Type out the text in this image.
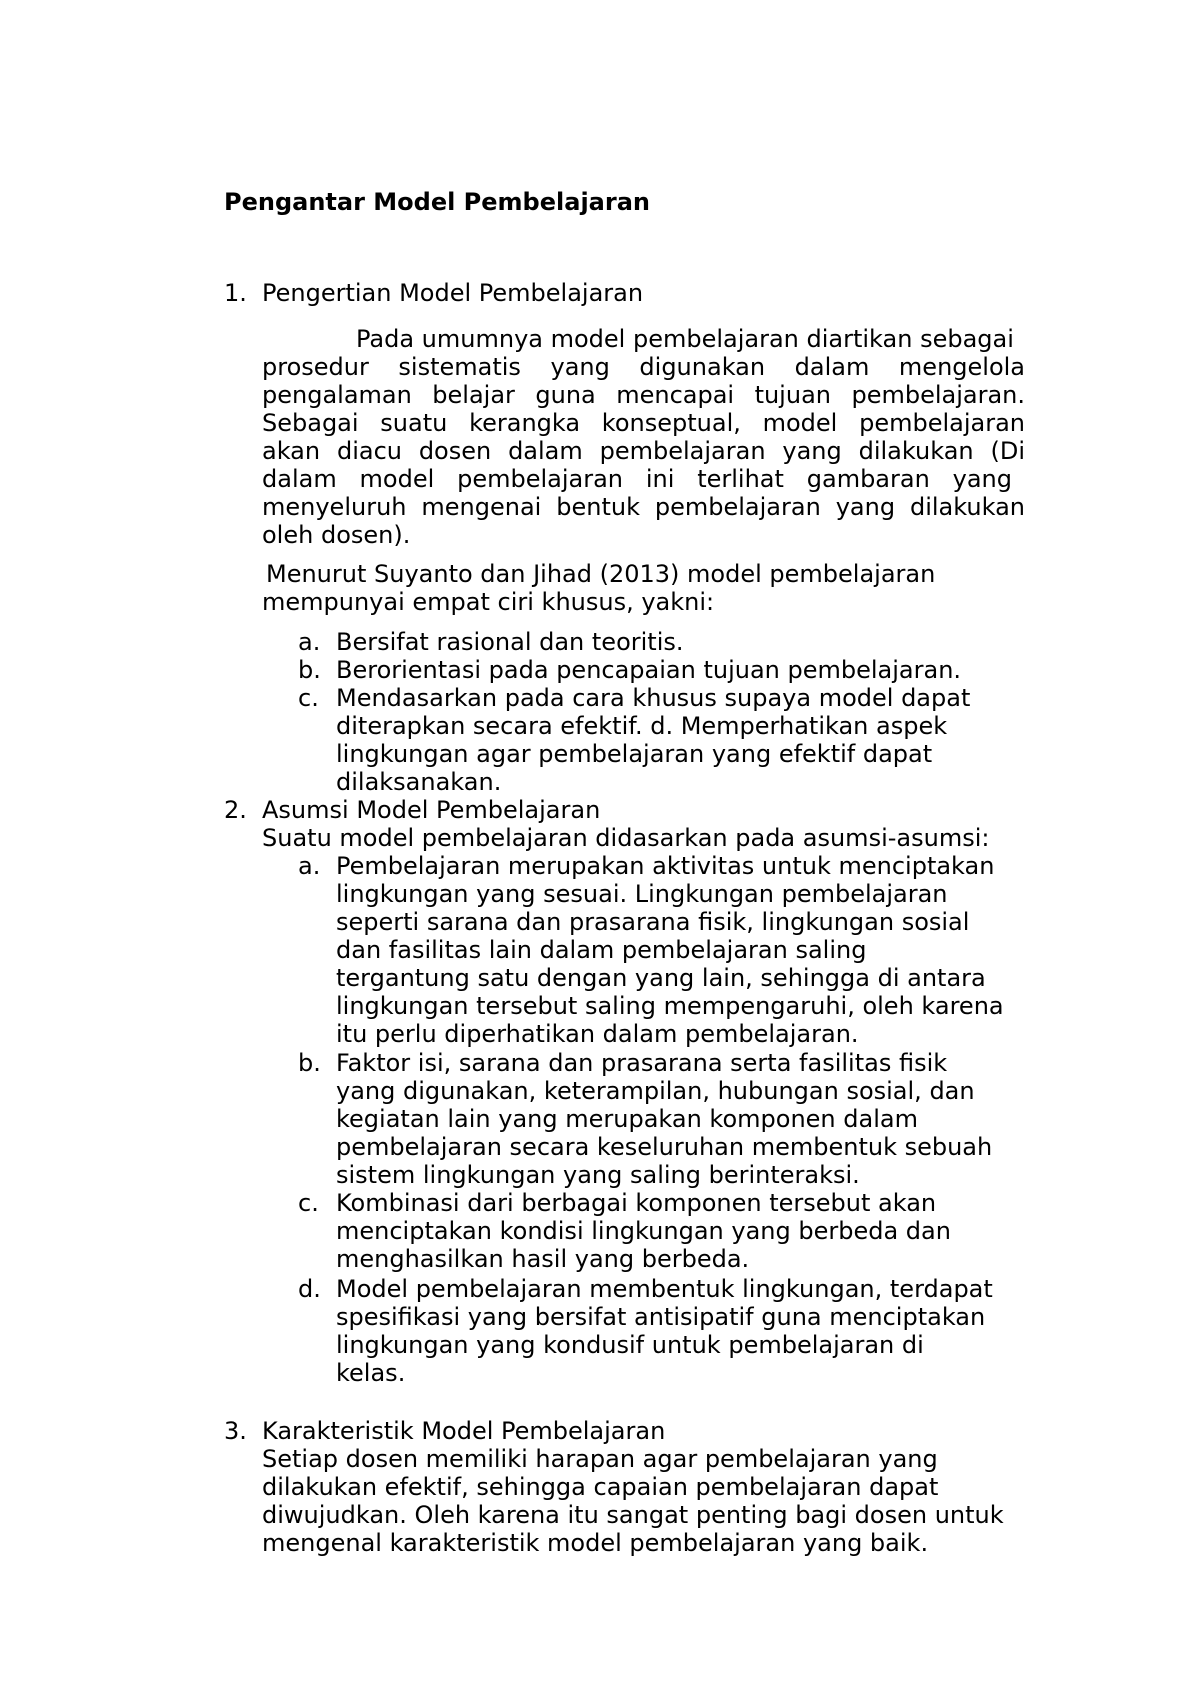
Pengantar Model Pembelajaran
1. Pengertian Model Pembelajaran
Pada umumnya model pembelajaran diartikan sebagai
prosedur sistematis yang digunakan dalam mengelola
pengalaman belajar guna mencapai tujuan pembelajaran.
Sebagai suatu kerangka konseptual, model pembelajaran
akan diacu dosen dalam pembelajaran yang dilakukan (Di
dalam model pembelajaran ini terlihat gambaran yang
menyeluruh mengenai bentuk pembelajaran yang dilakukan
oleh dosen).
Menurut Suyanto dan Jihad (2013) model pembelajaran
mempunyai empat ciri khusus, yakni:
a. Bersifat rasional dan teoritis.
b. Berorientasi pada pencapaian tujuan pembelajaran.
c. Mendasarkan pada cara khusus supaya model dapat
diterapkan secara efektif. d. Memperhatikan aspek
lingkungan agar pembelajaran yang efektif dapat
dilaksanakan.
2. Asumsi Model Pembelajaran
Suatu model pembelajaran didasarkan pada asumsi-asumsi:
a. Pembelajaran merupakan aktivitas untuk menciptakan
lingkungan yang sesuai. Lingkungan pembelajaran
seperti sarana dan prasarana fisik, lingkungan sosial
dan fasilitas lain dalam pembelajaran saling
tergantung satu dengan yang lain, sehingga di antara
lingkungan tersebut saling mempengaruhi, oleh karena
itu perlu diperhatikan dalam pembelajaran.
b. Faktor isi, sarana dan prasarana serta fasilitas fisik
yang digunakan, keterampilan, hubungan sosial, dan
kegiatan lain yang merupakan komponen dalam
pembelajaran secara keseluruhan membentuk sebuah
sistem lingkungan yang saling berinteraksi.
c. Kombinasi dari berbagai komponen tersebut akan
menciptakan kondisi lingkungan yang berbeda dan
menghasilkan hasil yang berbeda.
d. Model pembelajaran membentuk lingkungan, terdapat
spesifikasi yang bersifat antisipatif guna menciptakan
lingkungan yang kondusif untuk pembelajaran di
kelas.
3. Karakteristik Model Pembelajaran
Setiap dosen memiliki harapan agar pembelajaran yang
dilakukan efektif, sehingga capaian pembelajaran dapat
diwujudkan. Oleh karena itu sangat penting bagi dosen untuk
mengenal karakteristik model pembelajaran yang baik.
